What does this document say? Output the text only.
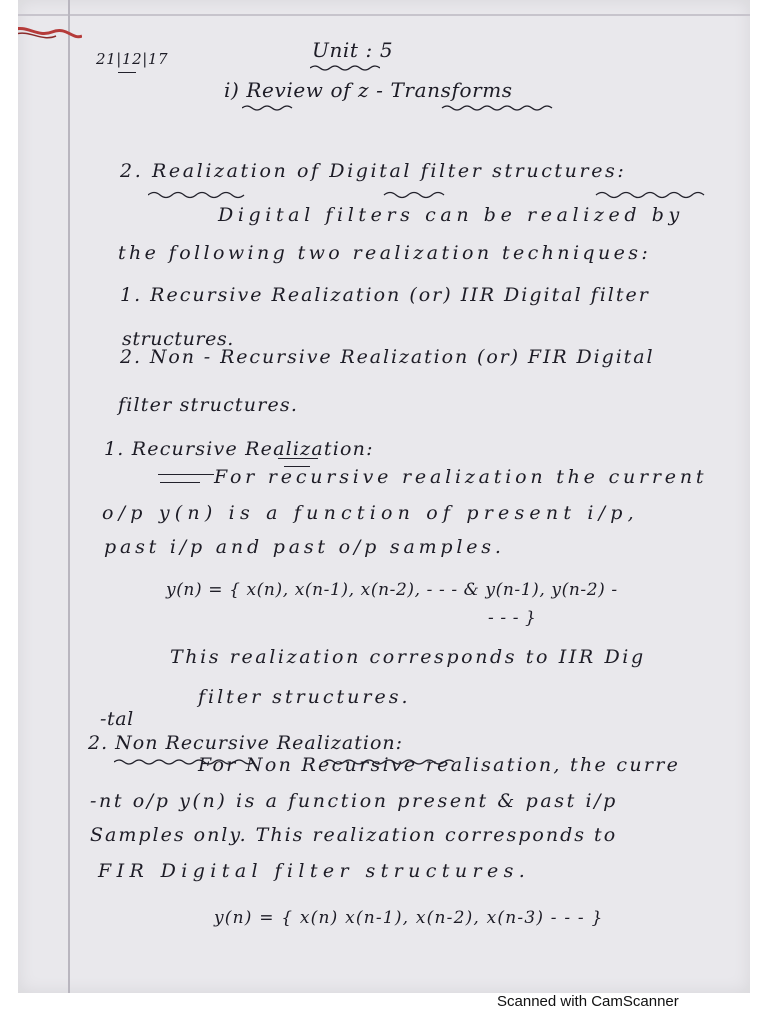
21|12|17	Unit : 5
i) Review of z - Transforms
2. Realization of Digital filter structures:
Digital filters can be realized by
the following two realization techniques:
1. Recursive Realization (or) IIR Digital filter
structures.
2. Non - Recursive Realization (or) FIR Digital
filter structures.
1. Recursive Realization:
For recursive realization the current
o/p y(n) is a function of present i/p,
past i/p and past o/p samples.
y(n) = { x(n), x(n-1), x(n-2), - - - & y(n-1), y(n-2) -
- - - }
This realization corresponds to IIR Dig
filter structures.
-tal
2. Non Recursive Realization:
For Non Recursive realisation, the curre
-nt o/p y(n) is a function present & past i/p
Samples only. This realization corresponds to
FIR Digital filter structures.
y(n) = { x(n) x(n-1), x(n-2), x(n-3) - - - }
Scanned with CamScanner
